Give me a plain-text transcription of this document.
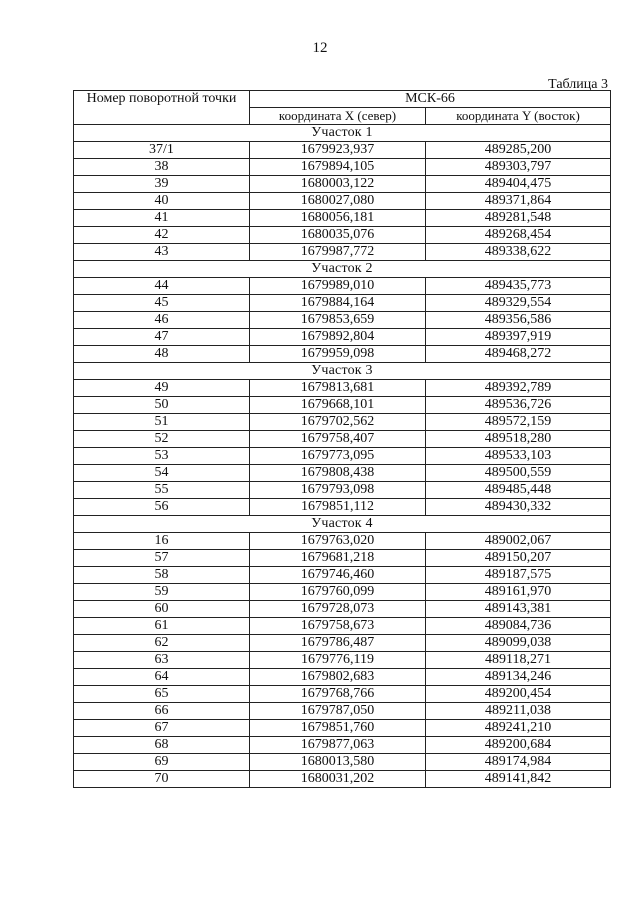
12
Таблица 3
Номер поворотной точки	МСК-66	
	координата X (север)	координата Y (восток)
Участок 1		
37/1	1679923,937	489285,200
38	1679894,105	489303,797
39	1680003,122	489404,475
40	1680027,080	489371,864
41	1680056,181	489281,548
42	1680035,076	489268,454
43	1679987,772	489338,622
Участок 2		
44	1679989,010	489435,773
45	1679884,164	489329,554
46	1679853,659	489356,586
47	1679892,804	489397,919
48	1679959,098	489468,272
Участок 3		
49	1679813,681	489392,789
50	1679668,101	489536,726
51	1679702,562	489572,159
52	1679758,407	489518,280
53	1679773,095	489533,103
54	1679808,438	489500,559
55	1679793,098	489485,448
56	1679851,112	489430,332
Участок 4		
16	1679763,020	489002,067
57	1679681,218	489150,207
58	1679746,460	489187,575
59	1679760,099	489161,970
60	1679728,073	489143,381
61	1679758,673	489084,736
62	1679786,487	489099,038
63	1679776,119	489118,271
64	1679802,683	489134,246
65	1679768,766	489200,454
66	1679787,050	489211,038
67	1679851,760	489241,210
68	1679877,063	489200,684
69	1680013,580	489174,984
70	1680031,202	489141,842
